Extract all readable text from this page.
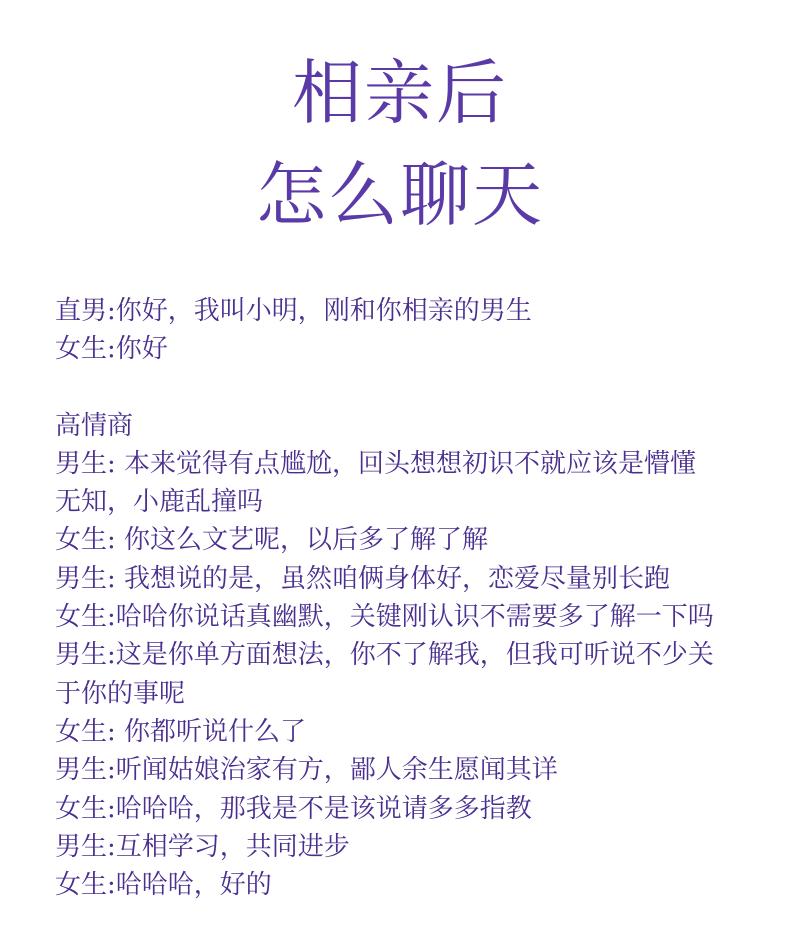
相亲后
怎么聊天
直男:你好，我叫小明，刚和你相亲的男生
女生:你好
高情商
男生: 本来觉得有点尴尬，回头想想初识不就应该是懵懂
无知，小鹿乱撞吗
女生: 你这么文艺呢，以后多了解了解
男生: 我想说的是，虽然咱俩身体好，恋爱尽量别长跑
女生:哈哈你说话真幽默，关键刚认识不需要多了解一下吗
男生:这是你单方面想法，你不了解我，但我可听说不少关
于你的事呢
女生: 你都听说什么了
男生:听闻姑娘治家有方，鄙人余生愿闻其详
女生:哈哈哈，那我是不是该说请多多指教
男生:互相学习，共同进步
女生:哈哈哈，好的
